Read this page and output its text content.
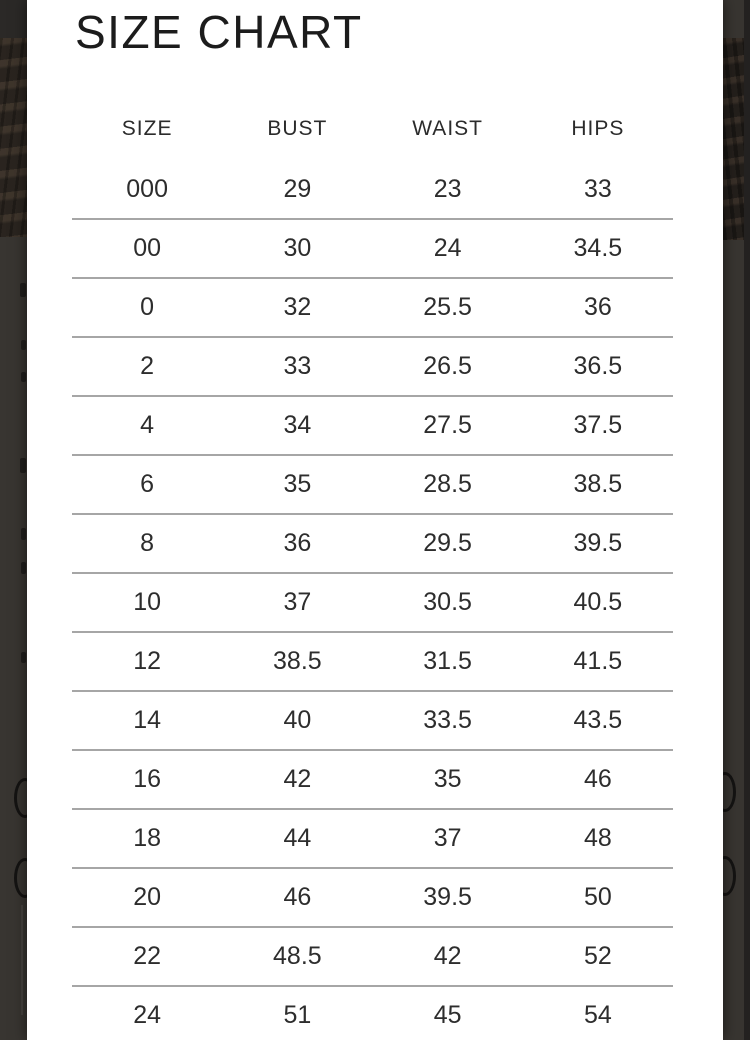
SIZE CHART
SIZE	BUST	WAIST	HIPS
000	29	23	33
00	30	24	34.5
0	32	25.5	36
2	33	26.5	36.5
4	34	27.5	37.5
6	35	28.5	38.5
8	36	29.5	39.5
10	37	30.5	40.5
12	38.5	31.5	41.5
14	40	33.5	43.5
16	42	35	46
18	44	37	48
20	46	39.5	50
22	48.5	42	52
24	51	45	54
